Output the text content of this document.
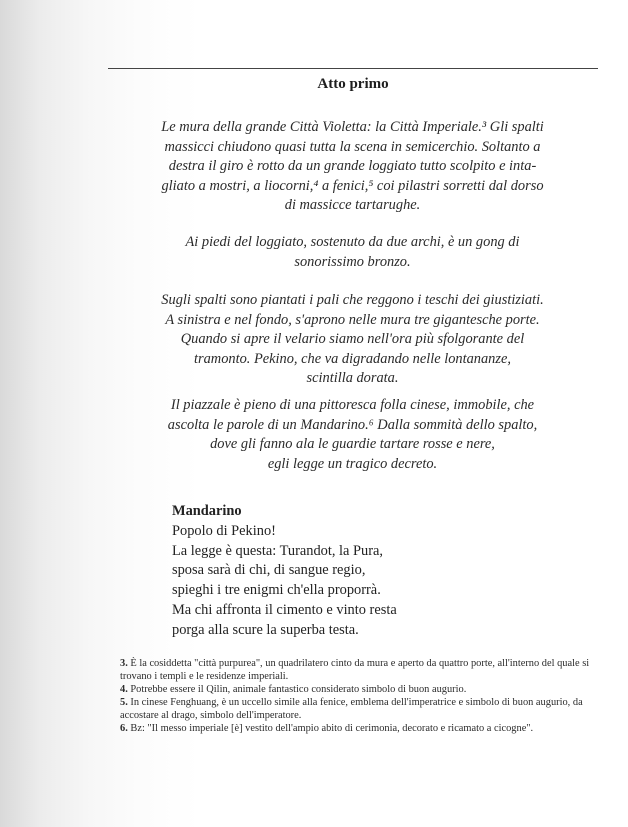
Atto primo

Le mura della grande Città Violetta: la Città Imperiale.³ Gli spalti
massicci chiudono quasi tutta la scena in semicerchio. Soltanto a
destra il giro è rotto da un grande loggiato tutto scolpito e inta-
gliato a mostri, a liocorni,⁴ a fenici,⁵ coi pilastri sorretti dal dorso
di massicce tartarughe.

Ai piedi del loggiato, sostenuto da due archi, è un gong di
sonorissimo bronzo.

Sugli spalti sono piantati i pali che reggono i teschi dei giustiziati.
A sinistra e nel fondo, s'aprono nelle mura tre gigantesche porte.
Quando si apre il velario siamo nell'ora più sfolgorante del
tramonto. Pekino, che va digradando nelle lontananze,
scintilla dorata.

Il piazzale è pieno di una pittoresca folla cinese, immobile, che
ascolta le parole di un Mandarino.⁶ Dalla sommità dello spalto,
dove gli fanno ala le guardie tartare rosse e nere,
egli legge un tragico decreto.

Mandarino
Popolo di Pekino!
La legge è questa: Turandot, la Pura,
sposa sarà di chi, di sangue regio,
spieghi i tre enigmi ch'ella proporrà.
Ma chi affronta il cimento e vinto resta
porga alla scure la superba testa.

3. È la cosiddetta "città purpurea", un quadrilatero cinto da mura e aperto da quattro porte, all'interno del quale si trovano i templi e le residenze imperiali.

4. Potrebbe essere il Qilin, animale fantastico considerato simbolo di buon augurio.

5. In cinese Fenghuang, è un uccello simile alla fenice, emblema dell'imperatrice e simbolo di buon augurio, da accostare al drago, simbolo dell'imperatore.

6. Bz: "Il messo imperiale [è] vestito dell'ampio abito di cerimonia, decorato e ricamato a cicogne".
